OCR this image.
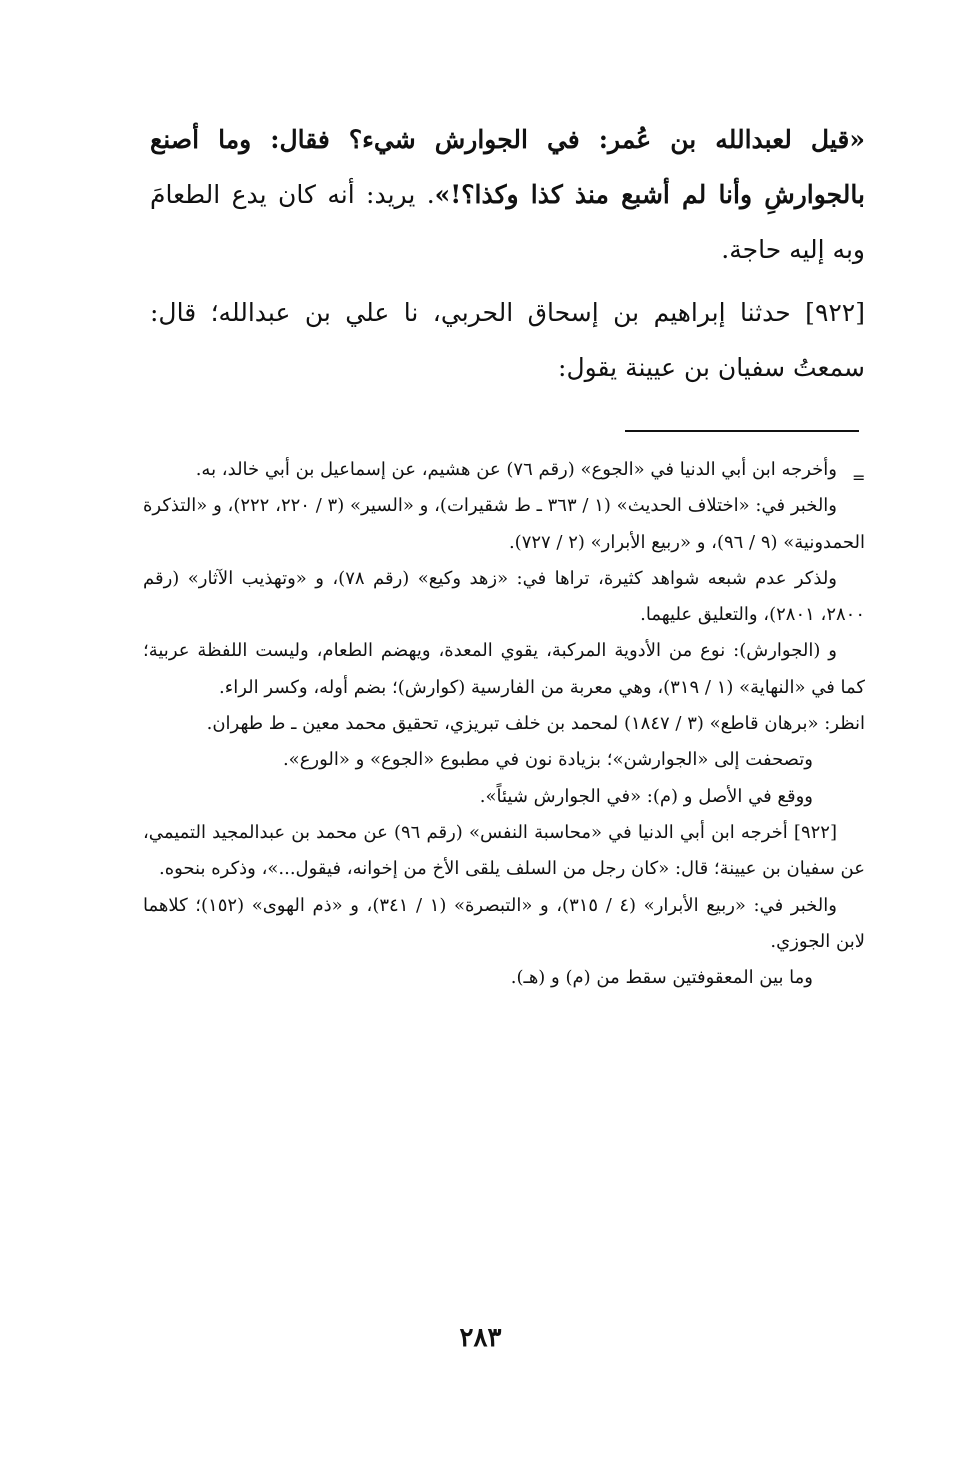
«قيل لعبدالله بن عُمر: في الجوارش شيء؟ فقال: وما أصنع بالجوارشِ وأنا لم أشبع منذ كذا وكذا؟!». يريد: أنه كان يدع الطعامَ وبه إليه حاجة.

[٩٢٢] حدثنا إبراهيم بن إسحاق الحربي، نا علي بن عبدالله؛ قال: سمعتُ سفيان بن عيينة يقول:

=

وأخرجه ابن أبي الدنيا في «الجوع» (رقم ٧٦) عن هشيم، عن إسماعيل بن أبي خالد، به.

والخبر في: «اختلاف الحديث» (١ / ٣٦٣ ـ ط شقيرات)، و «السير» (٣ / ٢٢٠، ٢٢٢)، و «التذكرة الحمدونية» (٩ / ٩٦)، و «ربيع الأبرار» (٢ / ٧٢٧).

ولذكر عدم شبعه شواهد كثيرة، تراها في: «زهد وكيع» (رقم ٧٨)، و «وتهذيب الآثار» (رقم ٢٨٠٠، ٢٨٠١)، والتعليق عليهما.

و (الجوارش): نوع من الأدوية المركبة، يقوي المعدة، ويهضم الطعام، وليست اللفظة عربية؛ كما في «النهاية» (١ / ٣١٩)، وهي معربة من الفارسية (كوارش)؛ بضم أوله، وكسر الراء.

انظر: «برهان قاطع» (٣ / ١٨٤٧) لمحمد بن خلف تبريزي، تحقيق محمد معين ـ ط طهران.

وتصحفت إلى «الجوارشن»؛ بزيادة نون في مطبوع «الجوع» و «الورع».

ووقع في الأصل و (م): «في الجوارش شيئاً».

[٩٢٢] أخرجه ابن أبي الدنيا في «محاسبة النفس» (رقم ٩٦) عن محمد بن عبدالمجيد التميمي، عن سفيان بن عيينة؛ قال: «كان رجل من السلف يلقى الأخ من إخوانه، فيقول...»، وذكره بنحوه.

والخبر في: «ربيع الأبرار» (٤ / ٣١٥)، و «التبصرة» (١ / ٣٤١)، و «ذم الهوى» (١٥٢)؛ كلاهما لابن الجوزي.

وما بين المعقوفتين سقط من (م) و (هـ).

٢٨٣
